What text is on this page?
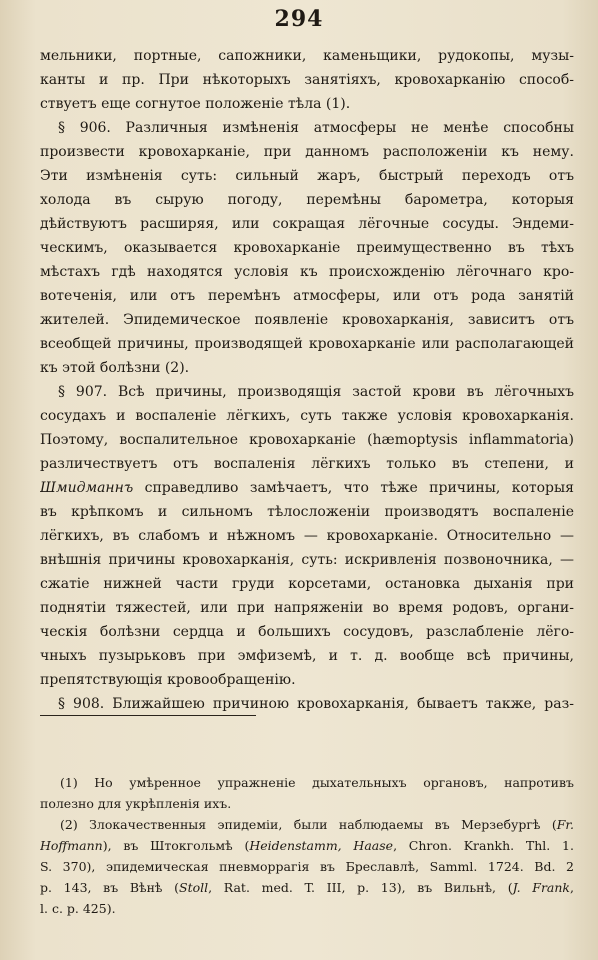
294

мельники, портные, сапожники, каменьщики, рудокопы, музы-
канты и пр. При нѣкоторыхъ занятіяхъ, кровохарканію способ-
ствуетъ еще согнутое положеніе тѣла (1).

§ 906. Различныя измѣненія атмосферы не менѣе способны
произвести кровохарканіе, при данномъ расположеніи къ нему.
Эти измѣненія суть: сильный жаръ, быстрый переходъ отъ
холода въ сырую погоду, перемѣны барометра, которыя
дѣйствуютъ расширяя, или сокращая лёгочные сосуды. Эндеми-
ческимъ, оказывается кровохарканіе преимущественно въ тѣхъ
мѣстахъ гдѣ находятся условія къ происхожденію лёгочнаго кро-
вотеченія, или отъ перемѣнъ атмосферы, или отъ рода занятій
жителей. Эпидемическое появленіе кровохарканія, зависитъ отъ
всеобщей причины, производящей кровохарканіе или располагающей
къ этой болѣзни (2).

§ 907. Всѣ причины, производящія застой крови въ лёгочныхъ
сосудахъ и воспаленіе лёгкихъ, суть также условія кровохарканія.
Поэтому, воспалительное кровохарканіе (hæmoptysis inflammatoria)
различествуетъ отъ воспаленія лёгкихъ только въ степени, и
Шмидманнъ справедливо замѣчаетъ, что тѣже причины, которыя
въ крѣпкомъ и сильномъ тѣлосложеніи производятъ воспаленіе
лёгкихъ, въ слабомъ и нѣжномъ — кровохарканіе. Относительно —
внѣшнія причины кровохарканія, суть: искривленія позвоночника, —
сжатіе нижней части груди корсетами, остановка дыханія при
поднятіи тяжестей, или при напряженіи во время родовъ, органи-
ческія болѣзни сердца и большихъ сосудовъ, разслабленіе лёго-
чныхъ пузырьковъ при эмфиземѣ, и т. д. вообще всѣ причины,
препятствующія кровообращенію.

§ 908. Ближайшею причиною кровохарканія, бываетъ также, раз-

(1) Но умѣренное упражненіе дыхательныхъ органовъ, напротивъ
полезно для укрѣпленія ихъ.
(2) Злокачественныя эпидеміи, были наблюдаемы въ Мерзебургѣ (Fr.
Hoffmann), въ Штокгольмѣ (Heidenstamm, Haase, Chron. Krankh. Thl. 1.
S. 370), эпидемическая пневморрагія въ Бреславлѣ, Samml. 1724. Bd. 2
p. 143, въ Вѣнѣ (Stoll, Rat. med. T. III, p. 13), въ Вильнѣ, (J. Frank,
l. c. p. 425).
